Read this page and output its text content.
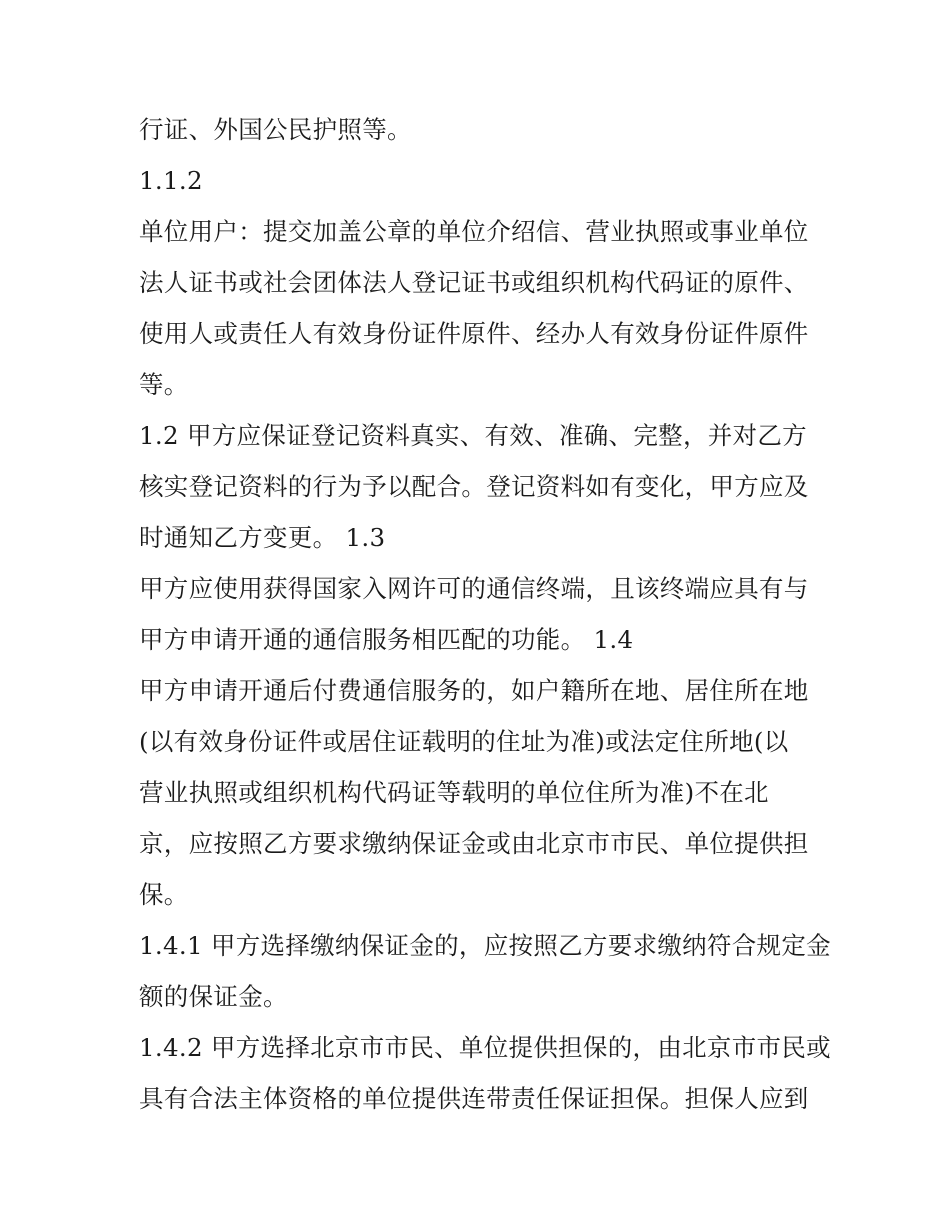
行证、外国公民护照等。
1.1.2
单位用户：提交加盖公章的单位介绍信、营业执照或事业单位
法人证书或社会团体法人登记证书或组织机构代码证的原件、
使用人或责任人有效身份证件原件、经办人有效身份证件原件
等。
1.2 甲方应保证登记资料真实、有效、准确、完整，并对乙方
核实登记资料的行为予以配合。登记资料如有变化，甲方应及
时通知乙方变更。 1.3
甲方应使用获得国家入网许可的通信终端，且该终端应具有与
甲方申请开通的通信服务相匹配的功能。 1.4
甲方申请开通后付费通信服务的，如户籍所在地、居住所在地
(以有效身份证件或居住证载明的住址为准)或法定住所地(以
营业执照或组织机构代码证等载明的单位住所为准)不在北
京，应按照乙方要求缴纳保证金或由北京市市民、单位提供担
保。
1.4.1 甲方选择缴纳保证金的，应按照乙方要求缴纳符合规定金
额的保证金。
1.4.2 甲方选择北京市市民、单位提供担保的，由北京市市民或
具有合法主体资格的单位提供连带责任保证担保。担保人应到
